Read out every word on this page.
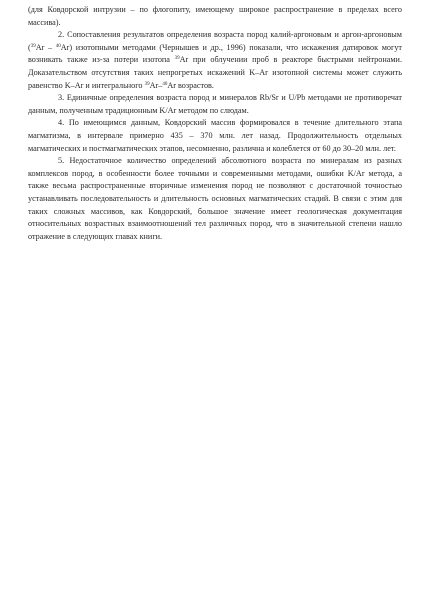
(для Ковдорской интрузии – по флогопиту, имеющему широкое распространение в пределах всего массива).

2. Сопоставления результатов определения возраста пород калий-аргоновым и аргон-аргоновым ($^{39}$Ar – $^{40}$Ar) изотопными методами (Чернышев и др., 1996) показали, что искажения датировок могут возникать также из-за потери изотопа $^{39}$Ar при облучении проб в реакторе быстрыми нейтронами. Доказательством отсутствия таких непрогретых искажений K–Ar изотопной системы может служить равенство K–Ar и интегрального $^{39}$Ar–$^{40}$Ar возрастов.

3. Единичные определения возраста пород и минералов Rb/Sr и U/Pb методами не противоречат данным, полученным традиционным K/Ar методом по слюдам.

4. По имеющимся данным, Ковдорский массив формировался в течение длительного этапа магматизма, в интервале примерно 435 – 370 млн. лет назад. Продолжительность отдельных магматических и постмагматических этапов, несомненно, различна и колеблется от 60 до 30–20 млн. лет.

5. Недостаточное количество определений абсолютного возраста по минералам из разных комплексов пород, в особенности более точными и современными методами, ошибки K/Ar метода, а также весьма распространенные вторичные изменения пород не позволяют с достаточной точностью устанавливать последовательность и длительность основных магматических стадий. В связи с этим для таких сложных массивов, как Ковдорский, большое значение имеет геологическая документация относительных возрастных взаимоотношений тел различных пород, что в значительной степени нашло отражение в следующих главах книги.
